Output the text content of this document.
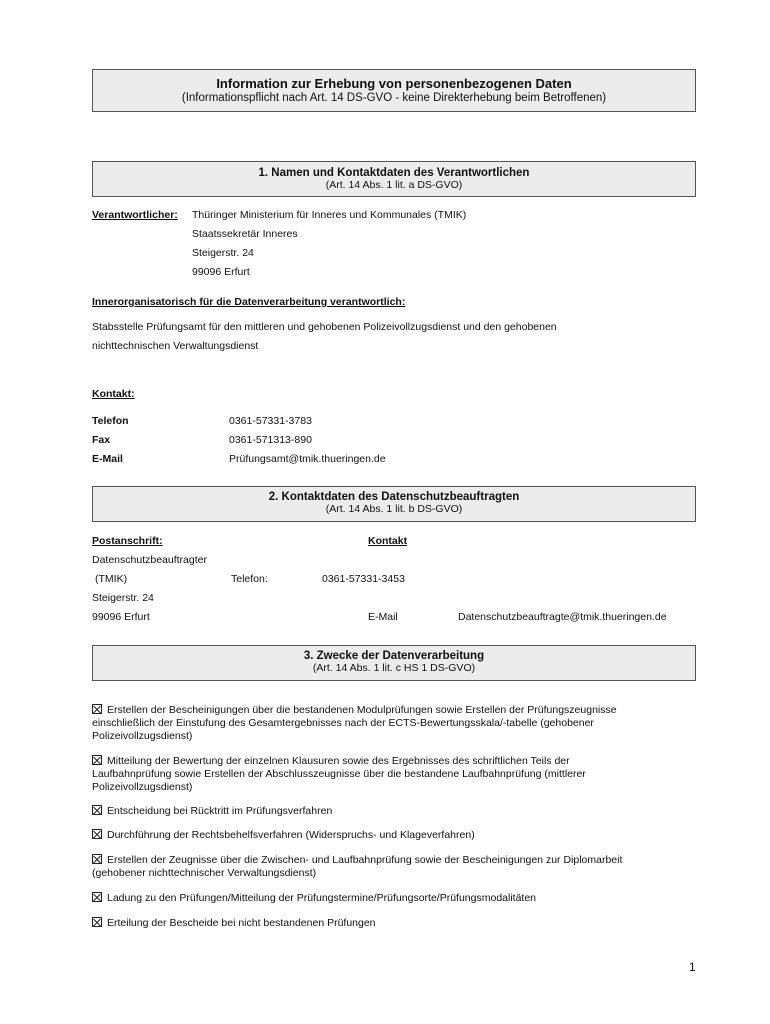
Information zur Erhebung von personenbezogenen Daten
(Informationspflicht nach Art. 14 DS-GVO - keine Direkterhebung beim Betroffenen)
1. Namen und Kontaktdaten des Verantwortlichen
(Art. 14 Abs. 1 lit. a DS-GVO)
Verantwortlicher: Thüringer Ministerium für Inneres und Kommunales (TMIK)
Staatssekretär Inneres
Steigerstr. 24
99096 Erfurt
Innerorganisatorisch für die Datenverarbeitung verantwortlich:
Stabsstelle Prüfungsamt für den mittleren und gehobenen Polizeivollzugsdienst und den gehobenen
nichttechnischen Verwaltungsdienst
Kontakt:
Telefon	0361-57331-3783
Fax	0361-571313-890
E-Mail	Prüfungsamt@tmik.thueringen.de
2. Kontaktdaten des Datenschutzbeauftragten
(Art. 14 Abs. 1 lit. b DS-GVO)
Postanschrift:	Kontakt
Datenschutzbeauftragter
(TMIK)	Telefon:	0361-57331-3453
Steigerstr. 24
99096 Erfurt	E-Mail	Datenschutzbeauftragte@tmik.thueringen.de
3. Zwecke der Datenverarbeitung
(Art. 14 Abs. 1 lit. c HS 1 DS-GVO)
Erstellen der Bescheinigungen über die bestandenen Modulprüfungen sowie Erstellen der Prüfungszeugnisse
einschließlich der Einstufung des Gesamtergebnisses nach der ECTS-Bewertungsskala/-tabelle (gehobener
Polizeivollzugsdienst)
Mitteilung der Bewertung der einzelnen Klausuren sowie des Ergebnisses des schriftlichen Teils der
Laufbahnprüfung sowie Erstellen der Abschlusszeugnisse über die bestandene Laufbahnprüfung (mittlerer
Polizeivollzugsdienst)
Entscheidung bei Rücktritt im Prüfungsverfahren
Durchführung der Rechtsbehelfsverfahren (Widerspruchs- und Klageverfahren)
Erstellen der Zeugnisse über die Zwischen- und Laufbahnprüfung sowie der Bescheinigungen zur Diplomarbeit
(gehobener nichttechnischer Verwaltungsdienst)
Ladung zu den Prüfungen/Mitteilung der Prüfungstermine/Prüfungsorte/Prüfungsmodalitäten
Erteilung der Bescheide bei nicht bestandenen Prüfungen
1
